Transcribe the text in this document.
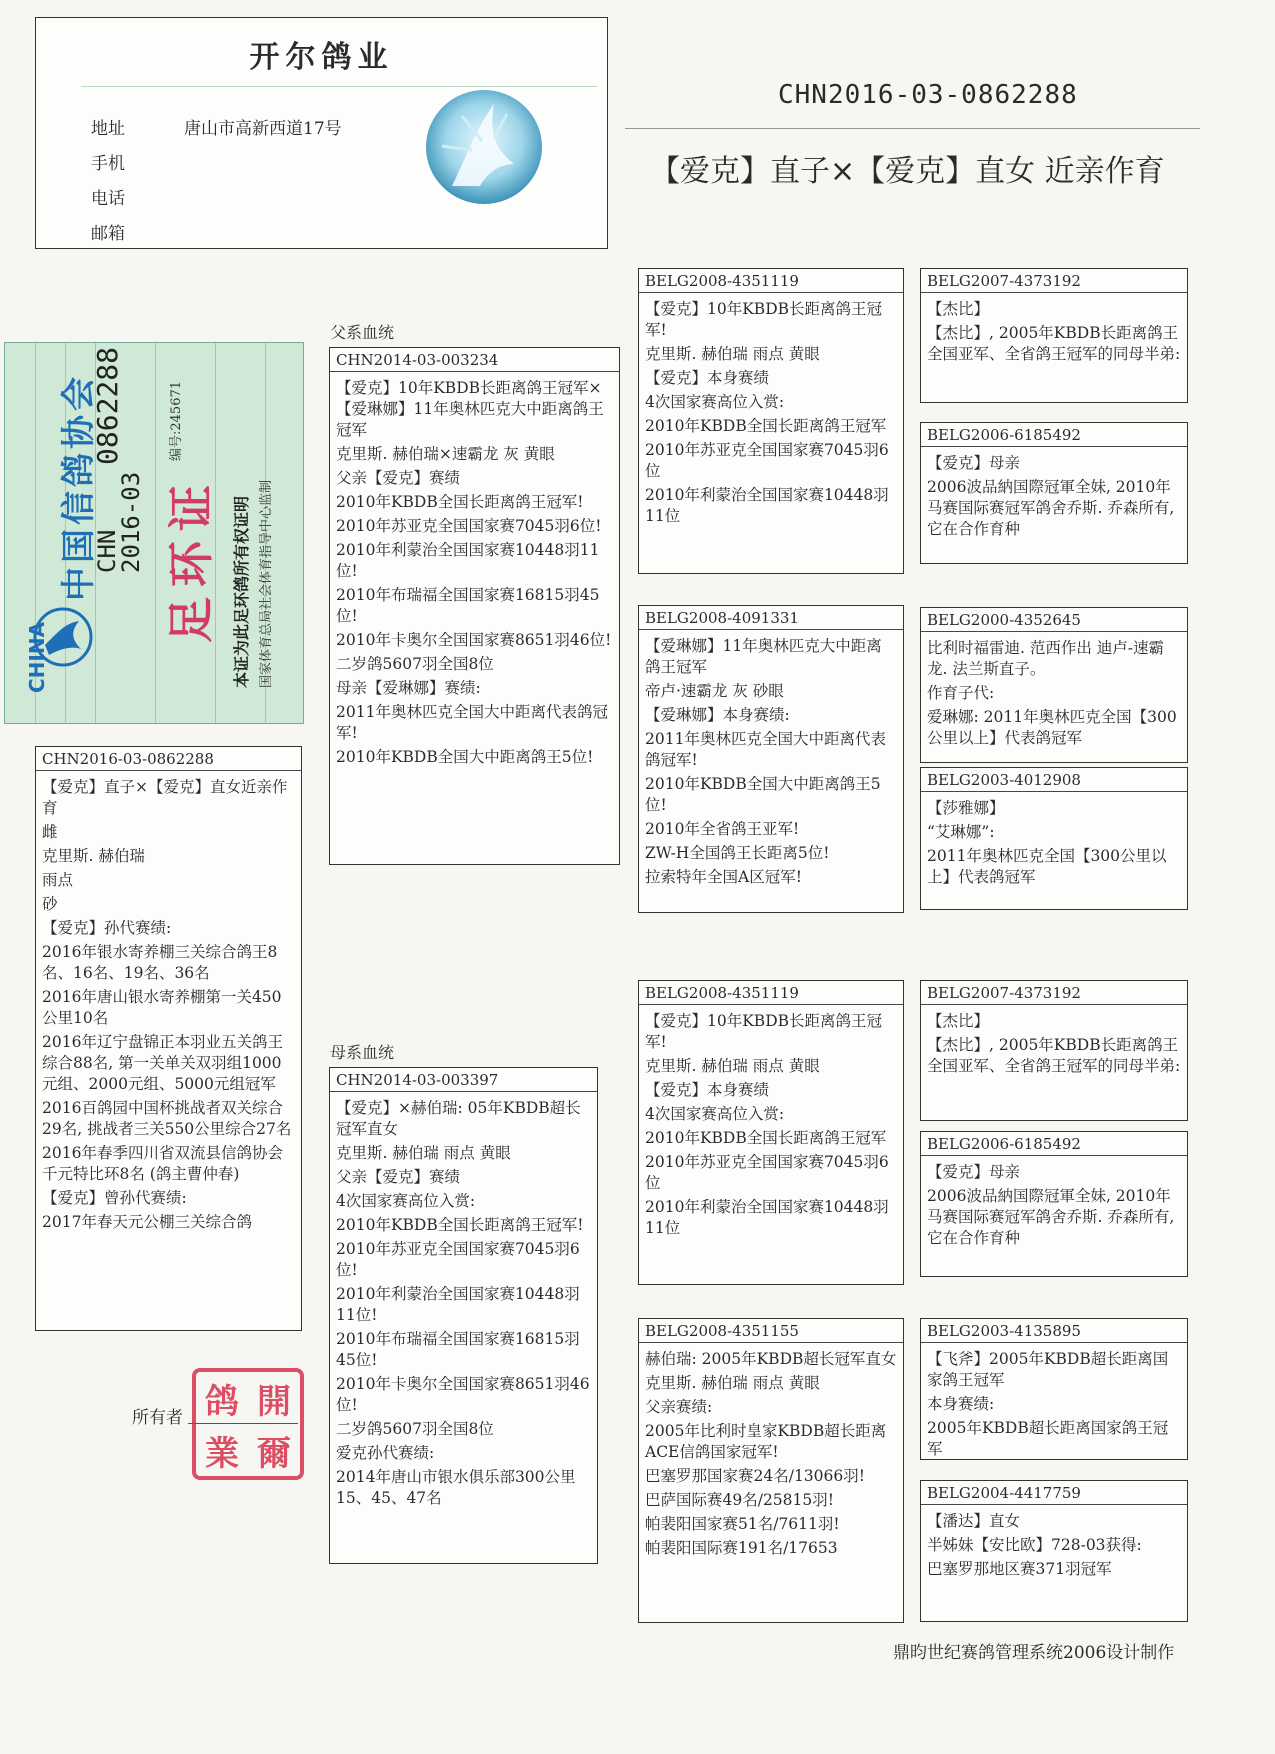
开尔鸽业
地址	唐山市高新西道17号
手机
电话
邮箱
CHN2016-03-0862288
【爱克】直子×【爱克】直女 近亲作育
CHINA
中国信鸽协会
CHN
2016-03
0862288	编号:245671
足环证 本证为此足环鸽所有权证明 国家体育总局社会体育指导中心监制
CHN2016-03-0862288
【爱克】直子×【爱克】直女近亲作育
雌
克里斯. 赫伯瑞
雨点
砂
【爱克】孙代赛绩:
2016年银水寄养棚三关综合鸽王8名、16名、19名、36名
2016年唐山银水寄养棚第一关450公里10名
2016年辽宁盘锦正本羽业五关鸽王综合88名, 第一关单关双羽组1000元组、2000元组、5000元组冠军
2016百鸽园中国杯挑战者双关综合29名, 挑战者三关550公里综合27名
2016年春季四川省双流县信鸽协会千元特比环8名 (鸽主曹仲春)
【爱克】曾孙代赛绩:
2017年春天元公棚三关综合鸽
所有者 鸽 開
業 爾
父系血统
母系血统
CHN2014-03-003234
【爱克】10年KBDB长距离鸽王冠军×【爱琳娜】11年奥林匹克大中距离鸽王冠军
克里斯. 赫伯瑞×速霸龙 灰 黄眼
父亲【爱克】赛绩
2010年KBDB全国长距离鸽王冠军!
2010年苏亚克全国国家赛7045羽6位!
2010年利蒙治全国国家赛10448羽11位!
2010年布瑞福全国国家赛16815羽45位!
2010年卡奥尔全国国家赛8651羽46位!
二岁鸽5607羽全国8位
母亲【爱琳娜】赛绩:
2011年奥林匹克全国大中距离代表鸽冠军!
2010年KBDB全国大中距离鸽王5位!
CHN2014-03-003397
【爱克】×赫伯瑞: 05年KBDB超长冠军直女
克里斯. 赫伯瑞 雨点 黄眼
父亲【爱克】赛绩
4次国家赛高位入赏:
2010年KBDB全国长距离鸽王冠军!
2010年苏亚克全国国家赛7045羽6位!
2010年利蒙治全国国家赛10448羽11位!
2010年布瑞福全国国家赛16815羽45位!
2010年卡奥尔全国国家赛8651羽46位!
二岁鸽5607羽全国8位
爱克孙代赛绩:
2014年唐山市银水俱乐部300公里15、45、47名
BELG2008-4351119
【爱克】10年KBDB长距离鸽王冠军!
克里斯. 赫伯瑞 雨点 黄眼
【爱克】本身赛绩
4次国家赛高位入赏:
2010年KBDB全国长距离鸽王冠军
2010年苏亚克全国国家赛7045羽6位
2010年利蒙治全国国家赛10448羽11位
BELG2008-4091331
【爱琳娜】11年奥林匹克大中距离鸽王冠军
帝卢·速霸龙 灰 砂眼
【爱琳娜】本身赛绩:
2011年奥林匹克全国大中距离代表鸽冠军!
2010年KBDB全国大中距离鸽王5位!
2010年全省鸽王亚军!
ZW-H全国鸽王长距离5位!
拉索特年全国A区冠军!
BELG2008-4351119
【爱克】10年KBDB长距离鸽王冠军!
克里斯. 赫伯瑞 雨点 黄眼
【爱克】本身赛绩
4次国家赛高位入赏:
2010年KBDB全国长距离鸽王冠军
2010年苏亚克全国国家赛7045羽6位
2010年利蒙治全国国家赛10448羽11位
BELG2008-4351155
赫伯瑞: 2005年KBDB超长冠军直女
克里斯. 赫伯瑞 雨点 黄眼
父亲赛绩:
2005年比利时皇家KBDB超长距离ACE信鸽国家冠军!
巴塞罗那国家赛24名/13066羽!
巴萨国际赛49名/25815羽!
帕裴阳国家赛51名/7611羽!
帕裴阳国际赛191名/17653
BELG2007-4373192
【杰比】
【杰比】, 2005年KBDB长距离鸽王全国亚军、全省鸽王冠军的同母半弟:
BELG2006-6185492
【爱克】母亲
2006波品納国際冠軍全妹, 2010年马赛国际赛冠军鸽舍乔斯. 乔森所有, 它在合作育种
BELG2000-4352645
比利时福雷迪. 范西作出 迪卢-速霸龙. 法兰斯直子。
作育子代:
爱琳娜: 2011年奥林匹克全国【300公里以上】代表鸽冠军
BELG2003-4012908
【莎雅娜】
“艾琳娜”:
2011年奥林匹克全国【300公里以上】代表鸽冠军
BELG2007-4373192
【杰比】
【杰比】, 2005年KBDB长距离鸽王全国亚军、全省鸽王冠军的同母半弟:
BELG2006-6185492
【爱克】母亲
2006波品納国際冠軍全妹, 2010年马赛国际赛冠军鸽舍乔斯. 乔森所有, 它在合作育种
BELG2003-4135895
【飞斧】2005年KBDB超长距离国家鸽王冠军
本身赛绩:
2005年KBDB超长距离国家鸽王冠军
BELG2004-4417759
【潘达】直女
半姊妹【安比欧】728-03获得:
巴塞罗那地区赛371羽冠军
鼎昀世纪赛鸽管理系统2006设计制作
